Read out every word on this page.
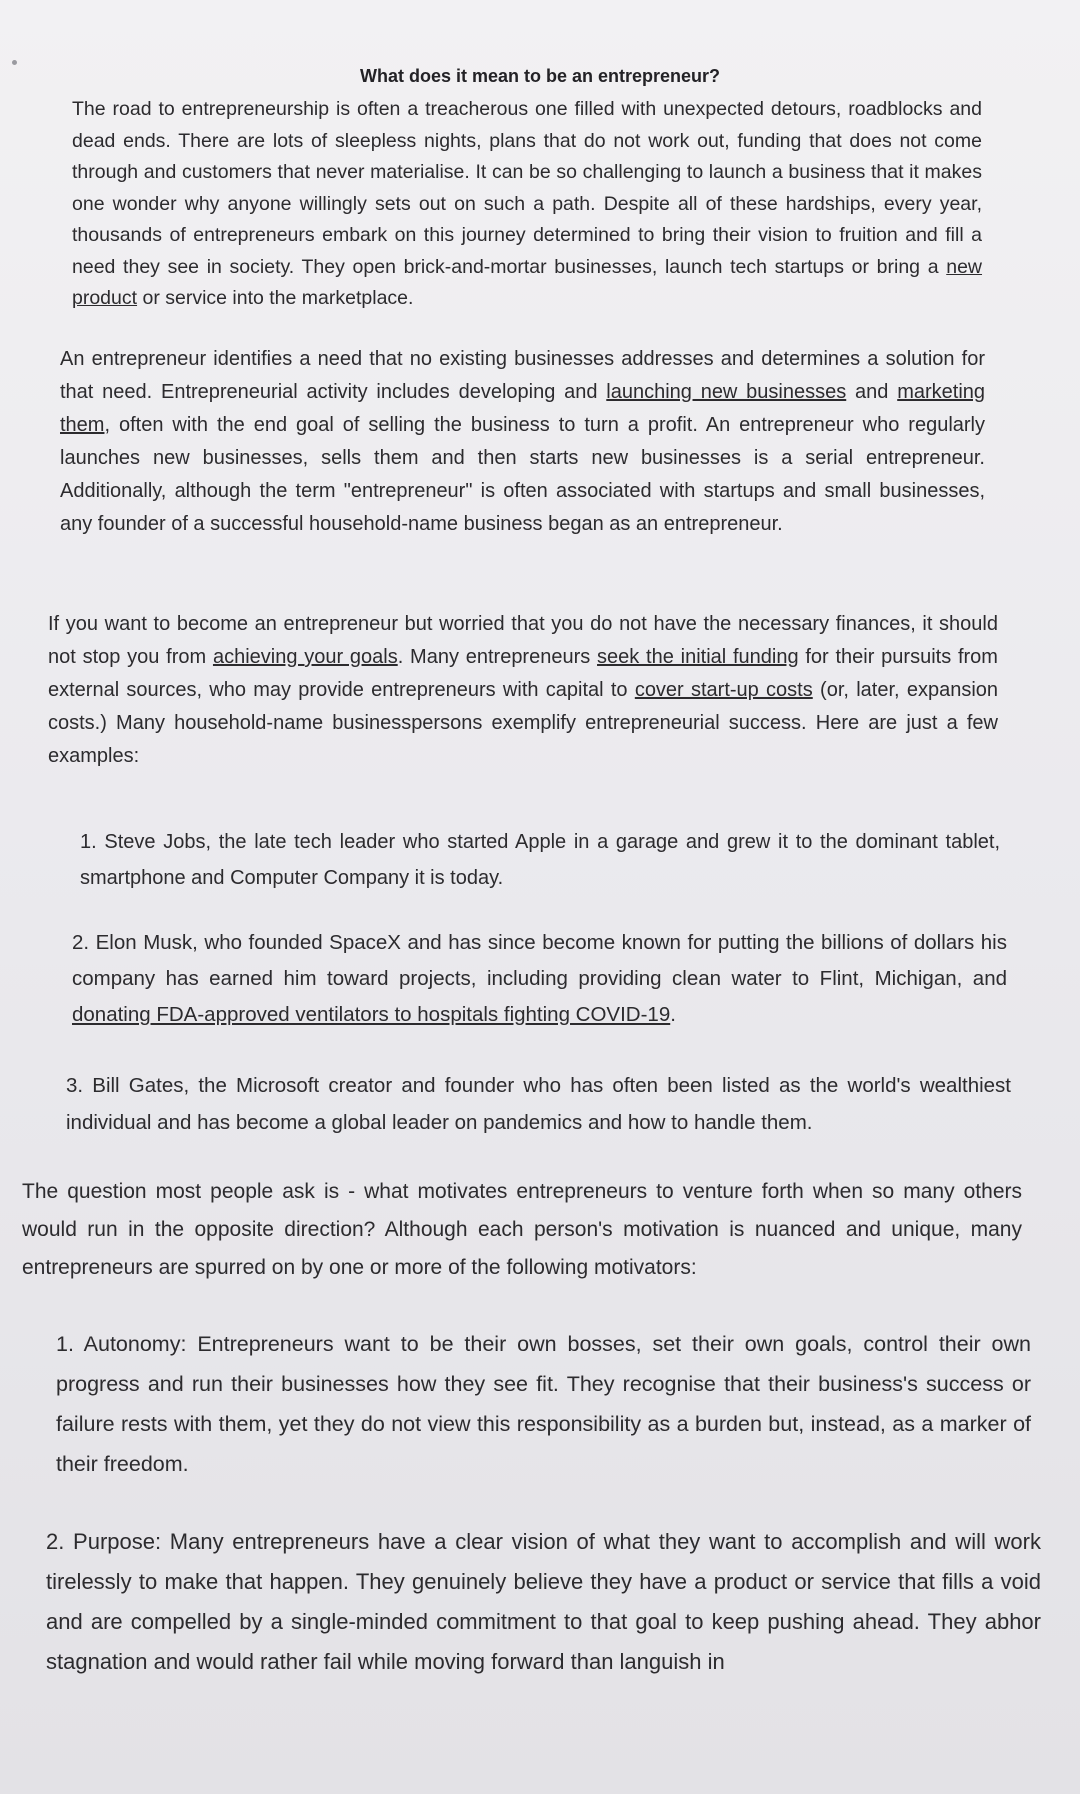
What does it mean to be an entrepreneur?

The road to entrepreneurship is often a treacherous one filled with unexpected detours, roadblocks and dead ends. There are lots of sleepless nights, plans that do not work out, funding that does not come through and customers that never materialise. It can be so challenging to launch a business that it makes one wonder why anyone willingly sets out on such a path. Despite all of these hardships, every year, thousands of entrepreneurs embark on this journey determined to bring their vision to fruition and fill a need they see in society. They open brick-and-mortar businesses, launch tech startups or bring a new product or service into the marketplace.

An entrepreneur identifies a need that no existing businesses addresses and determines a solution for that need. Entrepreneurial activity includes developing and launching new businesses and marketing them, often with the end goal of selling the business to turn a profit. An entrepreneur who regularly launches new businesses, sells them and then starts new businesses is a serial entrepreneur. Additionally, although the term "entrepreneur" is often associated with startups and small businesses, any founder of a successful household-name business began as an entrepreneur.

If you want to become an entrepreneur but worried that you do not have the necessary finances, it should not stop you from achieving your goals. Many entrepreneurs seek the initial funding for their pursuits from external sources, who may provide entrepreneurs with capital to cover start-up costs (or, later, expansion costs.) Many household-name businesspersons exemplify entrepreneurial success. Here are just a few examples:

1. Steve Jobs, the late tech leader who started Apple in a garage and grew it to the dominant tablet, smartphone and Computer Company it is today.

2. Elon Musk, who founded SpaceX and has since become known for putting the billions of dollars his company has earned him toward projects, including providing clean water to Flint, Michigan, and donating FDA-approved ventilators to hospitals fighting COVID-19.

3. Bill Gates, the Microsoft creator and founder who has often been listed as the world's wealthiest individual and has become a global leader on pandemics and how to handle them.

The question most people ask is - what motivates entrepreneurs to venture forth when so many others would run in the opposite direction? Although each person's motivation is nuanced and unique, many entrepreneurs are spurred on by one or more of the following motivators:

1. Autonomy: Entrepreneurs want to be their own bosses, set their own goals, control their own progress and run their businesses how they see fit. They recognise that their business's success or failure rests with them, yet they do not view this responsibility as a burden but, instead, as a marker of their freedom.

2. Purpose: Many entrepreneurs have a clear vision of what they want to accomplish and will work tirelessly to make that happen. They genuinely believe they have a product or service that fills a void and are compelled by a single-minded commitment to that goal to keep pushing ahead. They abhor stagnation and would rather fail while moving forward than languish in
